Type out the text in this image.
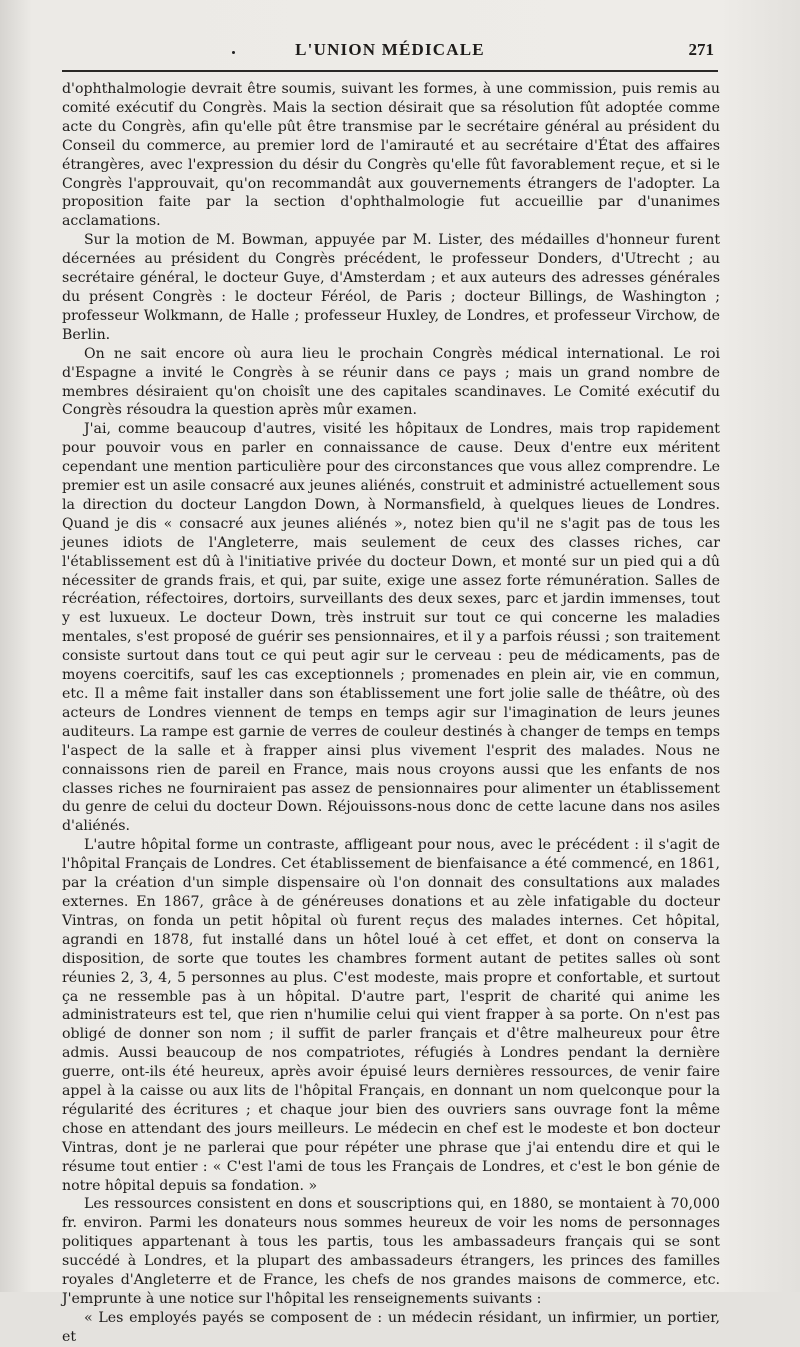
L'UNION MÉDICALE	271

d'ophthalmologie devrait être soumis, suivant les formes, à une commission, puis remis au comité exécutif du Congrès. Mais la section désirait que sa résolution fût adoptée comme acte du Congrès, afin qu'elle pût être transmise par le secrétaire général au président du Conseil du commerce, au premier lord de l'amirauté et au secrétaire d'État des affaires étrangères, avec l'expression du désir du Congrès qu'elle fût favorablement reçue, et si le Congrès l'approuvait, qu'on recommandât aux gouvernements étrangers de l'adopter. La proposition faite par la section d'ophthalmologie fut accueillie par d'unanimes acclamations.

Sur la motion de M. Bowman, appuyée par M. Lister, des médailles d'honneur furent décernées au président du Congrès précédent, le professeur Donders, d'Utrecht ; au secrétaire général, le docteur Guye, d'Amsterdam ; et aux auteurs des adresses générales du présent Congrès : le docteur Féréol, de Paris ; docteur Billings, de Washington ; professeur Wolkmann, de Halle ; professeur Huxley, de Londres, et professeur Virchow, de Berlin.

On ne sait encore où aura lieu le prochain Congrès médical international. Le roi d'Espagne a invité le Congrès à se réunir dans ce pays ; mais un grand nombre de membres désiraient qu'on choisît une des capitales scandinaves. Le Comité exécutif du Congrès résoudra la question après mûr examen.

J'ai, comme beaucoup d'autres, visité les hôpitaux de Londres, mais trop rapidement pour pouvoir vous en parler en connaissance de cause. Deux d'entre eux méritent cependant une mention particulière pour des circonstances que vous allez comprendre. Le premier est un asile consacré aux jeunes aliénés, construit et administré actuellement sous la direction du docteur Langdon Down, à Normansfield, à quelques lieues de Londres. Quand je dis « consacré aux jeunes aliénés », notez bien qu'il ne s'agit pas de tous les jeunes idiots de l'Angleterre, mais seulement de ceux des classes riches, car l'établissement est dû à l'initiative privée du docteur Down, et monté sur un pied qui a dû nécessiter de grands frais, et qui, par suite, exige une assez forte rémunération. Salles de récréation, réfectoires, dortoirs, surveillants des deux sexes, parc et jardin immenses, tout y est luxueux. Le docteur Down, très instruit sur tout ce qui concerne les maladies mentales, s'est proposé de guérir ses pensionnaires, et il y a parfois réussi ; son traitement consiste surtout dans tout ce qui peut agir sur le cerveau : peu de médicaments, pas de moyens coercitifs, sauf les cas exceptionnels ; promenades en plein air, vie en commun, etc. Il a même fait installer dans son établissement une fort jolie salle de théâtre, où des acteurs de Londres viennent de temps en temps agir sur l'imagination de leurs jeunes auditeurs. La rampe est garnie de verres de couleur destinés à changer de temps en temps l'aspect de la salle et à frapper ainsi plus vivement l'esprit des malades. Nous ne connaissons rien de pareil en France, mais nous croyons aussi que les enfants de nos classes riches ne fourniraient pas assez de pensionnaires pour alimenter un établissement du genre de celui du docteur Down. Réjouissons-nous donc de cette lacune dans nos asiles d'aliénés.

L'autre hôpital forme un contraste, affligeant pour nous, avec le précédent : il s'agit de l'hôpital Français de Londres. Cet établissement de bienfaisance a été commencé, en 1861, par la création d'un simple dispensaire où l'on donnait des consultations aux malades externes. En 1867, grâce à de généreuses donations et au zèle infatigable du docteur Vintras, on fonda un petit hôpital où furent reçus des malades internes. Cet hôpital, agrandi en 1878, fut installé dans un hôtel loué à cet effet, et dont on conserva la disposition, de sorte que toutes les chambres forment autant de petites salles où sont réunies 2, 3, 4, 5 personnes au plus. C'est modeste, mais propre et confortable, et surtout ça ne ressemble pas à un hôpital. D'autre part, l'esprit de charité qui anime les administrateurs est tel, que rien n'humilie celui qui vient frapper à sa porte. On n'est pas obligé de donner son nom ; il suffit de parler français et d'être malheureux pour être admis. Aussi beaucoup de nos compatriotes, réfugiés à Londres pendant la dernière guerre, ont-ils été heureux, après avoir épuisé leurs dernières ressources, de venir faire appel à la caisse ou aux lits de l'hôpital Français, en donnant un nom quelconque pour la régularité des écritures ; et chaque jour bien des ouvriers sans ouvrage font la même chose en attendant des jours meilleurs. Le médecin en chef est le modeste et bon docteur Vintras, dont je ne parlerai que pour répéter une phrase que j'ai entendu dire et qui le résume tout entier : « C'est l'ami de tous les Français de Londres, et c'est le bon génie de notre hôpital depuis sa fondation. »

Les ressources consistent en dons et souscriptions qui, en 1880, se montaient à 70,000 fr. environ. Parmi les donateurs nous sommes heureux de voir les noms de personnages politiques appartenant à tous les partis, tous les ambassadeurs français qui se sont succédé à Londres, et la plupart des ambassadeurs étrangers, les princes des familles royales d'Angleterre et de France, les chefs de nos grandes maisons de commerce, etc. J'emprunte à une notice sur l'hôpital les renseignements suivants :

« Les employés payés se composent de : un médecin résidant, un infirmier, un portier, et
